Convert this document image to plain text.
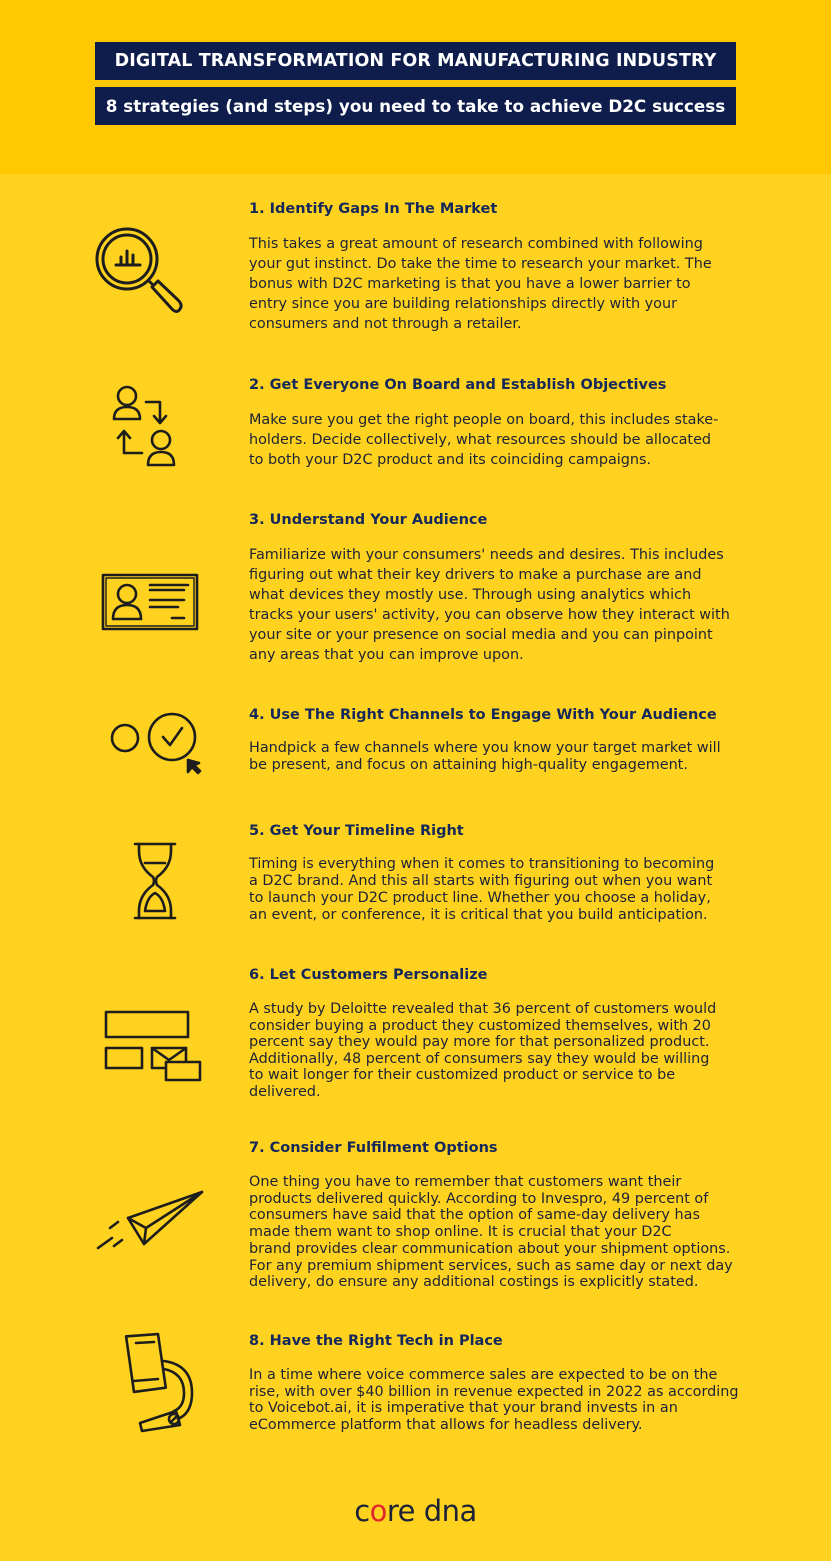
DIGITAL TRANSFORMATION FOR MANUFACTURING INDUSTRY
8 strategies (and steps) you need to take to achieve D2C success
1. Identify Gaps In The Market
This takes a great amount of research combined with following
your gut instinct. Do take the time to research your market. The
bonus with D2C marketing is that you have a lower barrier to
entry since you are building relationships directly with your
consumers and not through a retailer.
2. Get Everyone On Board and Establish Objectives
Make sure you get the right people on board, this includes stake-
holders. Decide collectively, what resources should be allocated
to both your D2C product and its coinciding campaigns.
3. Understand Your Audience
Familiarize with your consumers' needs and desires. This includes
figuring out what their key drivers to make a purchase are and
what devices they mostly use. Through using analytics which
tracks your users' activity, you can observe how they interact with
your site or your presence on social media and you can pinpoint
any areas that you can improve upon.
4. Use The Right Channels to Engage With Your Audience
Handpick a few channels where you know your target market will
be present, and focus on attaining high-quality engagement.
5. Get Your Timeline Right
Timing is everything when it comes to transitioning to becoming
a D2C brand. And this all starts with figuring out when you want
to launch your D2C product line. Whether you choose a holiday,
an event, or conference, it is critical that you build anticipation.
6. Let Customers Personalize
A study by Deloitte revealed that 36 percent of customers would
consider buying a product they customized themselves, with 20
percent say they would pay more for that personalized product.
Additionally, 48 percent of consumers say they would be willing
to wait longer for their customized product or service to be
delivered.
7. Consider Fulfilment Options
One thing you have to remember that customers want their
products delivered quickly. According to Invespro, 49 percent of
consumers have said that the option of same-day delivery has
made them want to shop online. It is crucial that your D2C
brand provides clear communication about your shipment options.
For any premium shipment services, such as same day or next day
delivery, do ensure any additional costings is explicitly stated.
8. Have the Right Tech in Place
In a time where voice commerce sales are expected to be on the
rise, with over $40 billion in revenue expected in 2022 as according
to Voicebot.ai, it is imperative that your brand invests in an
eCommerce platform that allows for headless delivery.
core dna
